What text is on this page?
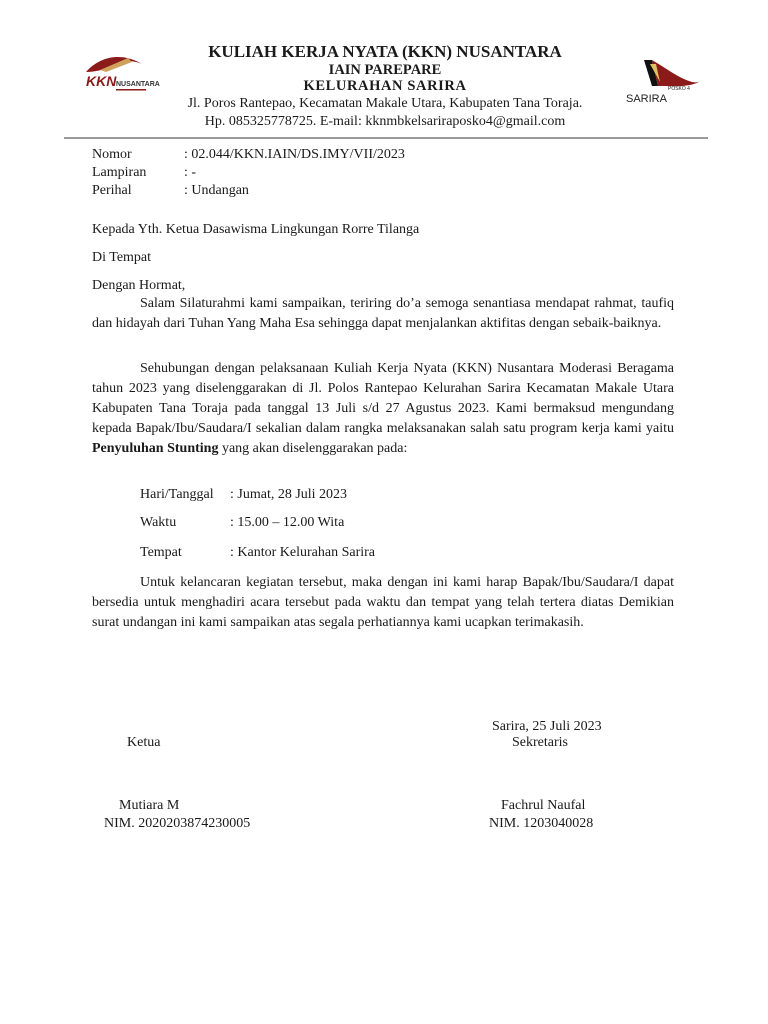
KKN NUSANTARA
POSKO 4
SARIRA
KULIAH KERJA NYATA (KKN) NUSANTARA
IAIN PAREPARE
KELURAHAN SARIRA
Jl. Poros Rantepao, Kecamatan Makale Utara, Kabupaten Tana Toraja.
Hp. 085325778725. E-mail: kknmbkelsariraposko4@gmail.com
Nomor	: 02.044/KKN.IAIN/DS.IMY/VII/2023
Lampiran	: -
Perihal	: Undangan
Kepada Yth. Ketua Dasawisma Lingkungan Rorre Tilanga
Di Tempat
Dengan Hormat,
Salam Silaturahmi kami sampaikan, teriring do’a semoga senantiasa mendapat rahmat, taufiq dan hidayah dari Tuhan Yang Maha Esa sehingga dapat menjalankan aktifitas dengan sebaik-baiknya.
Sehubungan dengan pelaksanaan Kuliah Kerja Nyata (KKN) Nusantara Moderasi Beragama tahun 2023 yang diselenggarakan di Jl. Polos Rantepao Kelurahan Sarira Kecamatan Makale Utara Kabupaten Tana Toraja pada tanggal 13 Juli s/d 27 Agustus 2023. Kami bermaksud mengundang kepada Bapak/Ibu/Saudara/I sekalian dalam rangka melaksanakan salah satu program kerja kami yaitu Penyuluhan Stunting yang akan diselenggarakan pada:
Hari/Tanggal : Jumat, 28 Juli 2023
Waktu	: 15.00 – 12.00 Wita
Tempat	: Kantor Kelurahan Sarira
Untuk kelancaran kegiatan tersebut, maka dengan ini kami harap Bapak/Ibu/Saudara/I dapat bersedia untuk menghadiri acara tersebut pada waktu dan tempat yang telah tertera diatas Demikian surat undangan ini kami sampaikan atas segala perhatiannya kami ucapkan terimakasih.
Sarira, 25 Juli 2023
Ketua	Sekretaris
Mutiara M
NIM. 2020203874230005
Fachrul Naufal
NIM. 1203040028
